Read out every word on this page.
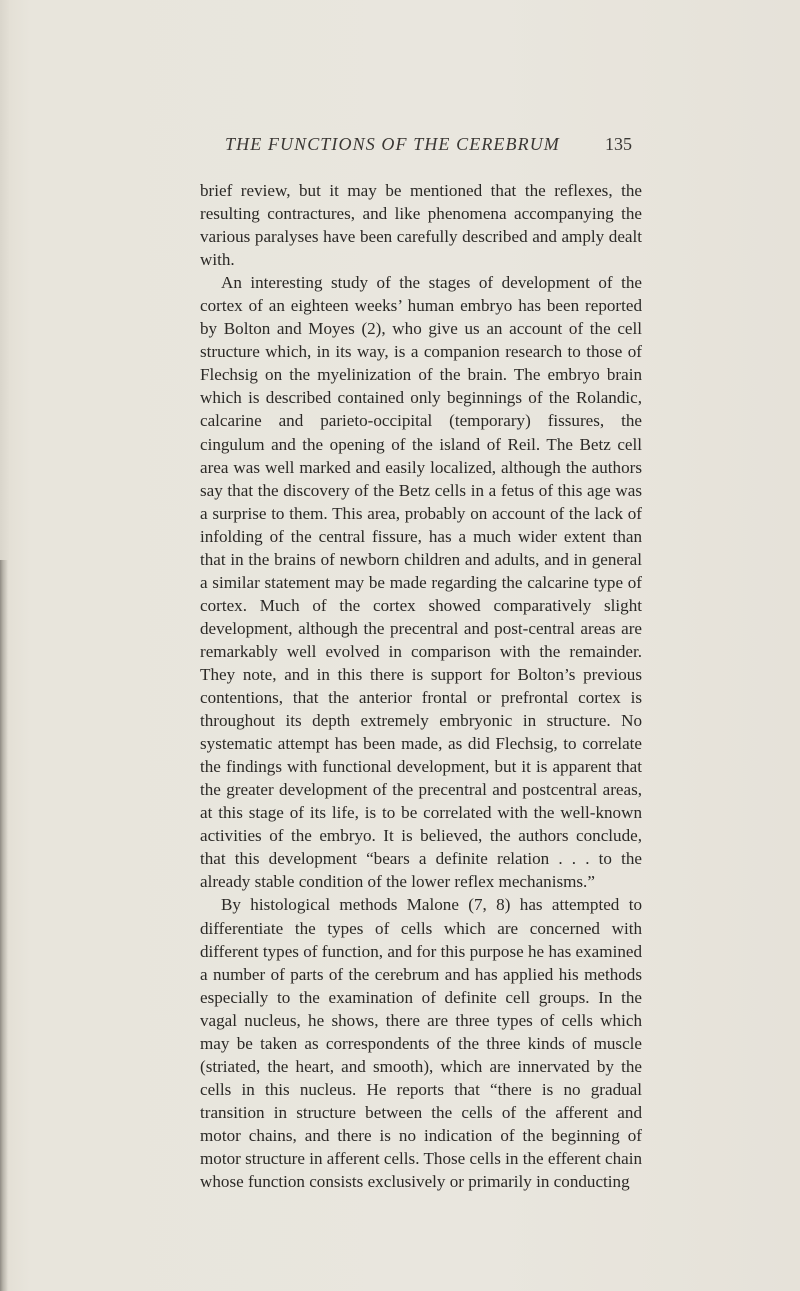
THE FUNCTIONS OF THE CEREBRUM	135

brief review, but it may be mentioned that the reflexes, the resulting contractures, and like phenomena accompanying the various paralyses have been carefully described and amply dealt with.

An interesting study of the stages of development of the cortex of an eighteen weeks’ human embryo has been reported by Bolton and Moyes (2), who give us an account of the cell structure which, in its way, is a companion research to those of Flechsig on the myelinization of the brain. The embryo brain which is described contained only beginnings of the Rolandic, calcarine and parieto-occipital (temporary) fissures, the cingulum and the opening of the island of Reil. The Betz cell area was well marked and easily localized, although the authors say that the discovery of the Betz cells in a fetus of this age was a surprise to them. This area, probably on account of the lack of infolding of the central fissure, has a much wider extent than that in the brains of newborn children and adults, and in general a similar statement may be made regarding the calcarine type of cortex. Much of the cortex showed comparatively slight development, although the precentral and post-central areas are remarkably well evolved in comparison with the remainder. They note, and in this there is support for Bolton’s previous contentions, that the anterior frontal or prefrontal cortex is throughout its depth extremely embryonic in structure. No systematic attempt has been made, as did Flechsig, to correlate the findings with functional development, but it is apparent that the greater development of the precentral and postcentral areas, at this stage of its life, is to be correlated with the well-known activities of the embryo. It is believed, the authors conclude, that this development “bears a definite relation . . . to the already stable condition of the lower reflex mechanisms.”

By histological methods Malone (7, 8) has attempted to differentiate the types of cells which are concerned with different types of function, and for this purpose he has examined a number of parts of the cerebrum and has applied his methods especially to the examination of definite cell groups. In the vagal nucleus, he shows, there are three types of cells which may be taken as correspondents of the three kinds of muscle (striated, the heart, and smooth), which are innervated by the cells in this nucleus. He reports that “there is no gradual transition in structure between the cells of the afferent and motor chains, and there is no indication of the beginning of motor structure in afferent cells. Those cells in the efferent chain whose function consists exclusively or primarily in conducting
